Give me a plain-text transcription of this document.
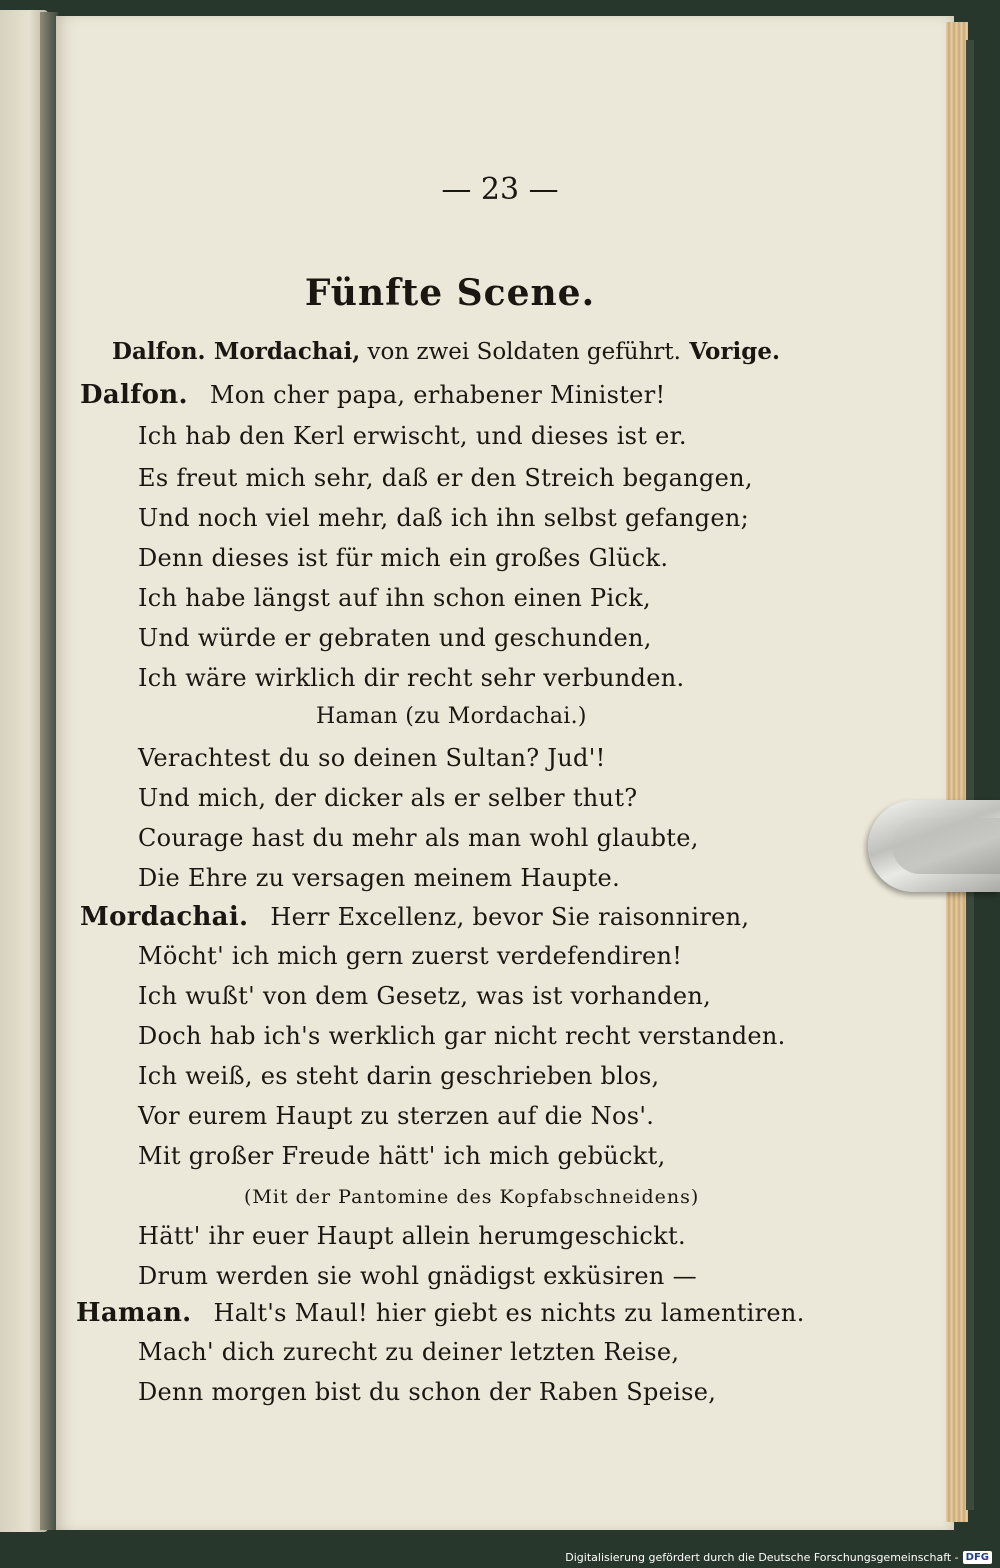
— 23 —
Fünfte Scene.
Dalfon. Mordachai, von zwei Soldaten geführt. Vorige.
Dalfon. Mon cher papa, erhabener Minister!
Ich hab den Kerl erwischt, und dieses ist er.
Es freut mich sehr, daß er den Streich begangen,
Und noch viel mehr, daß ich ihn selbst gefangen;
Denn dieses ist für mich ein großes Glück.
Ich habe längst auf ihn schon einen Pick,
Und würde er gebraten und geschunden,
Ich wäre wirklich dir recht sehr verbunden.
Haman (zu Mordachai.)
Verachtest du so deinen Sultan? Jud'!
Und mich, der dicker als er selber thut?
Courage hast du mehr als man wohl glaubte,
Die Ehre zu versagen meinem Haupte.
Mordachai. Herr Excellenz, bevor Sie raisonniren,
Möcht' ich mich gern zuerst verdefendiren!
Ich wußt' von dem Gesetz, was ist vorhanden,
Doch hab ich's werklich gar nicht recht verstanden.
Ich weiß, es steht darin geschrieben blos,
Vor eurem Haupt zu sterzen auf die Nos'.
Mit großer Freude hätt' ich mich gebückt,
(Mit der Pantomine des Kopfabschneidens)
Hätt' ihr euer Haupt allein herumgeschickt.
Drum werden sie wohl gnädigst exküsiren —
Haman. Halt's Maul! hier giebt es nichts zu lamentiren.
Mach' dich zurecht zu deiner letzten Reise,
Denn morgen bist du schon der Raben Speise,
Digitalisierung gefördert durch die Deutsche Forschungsgemeinschaft - DFG
